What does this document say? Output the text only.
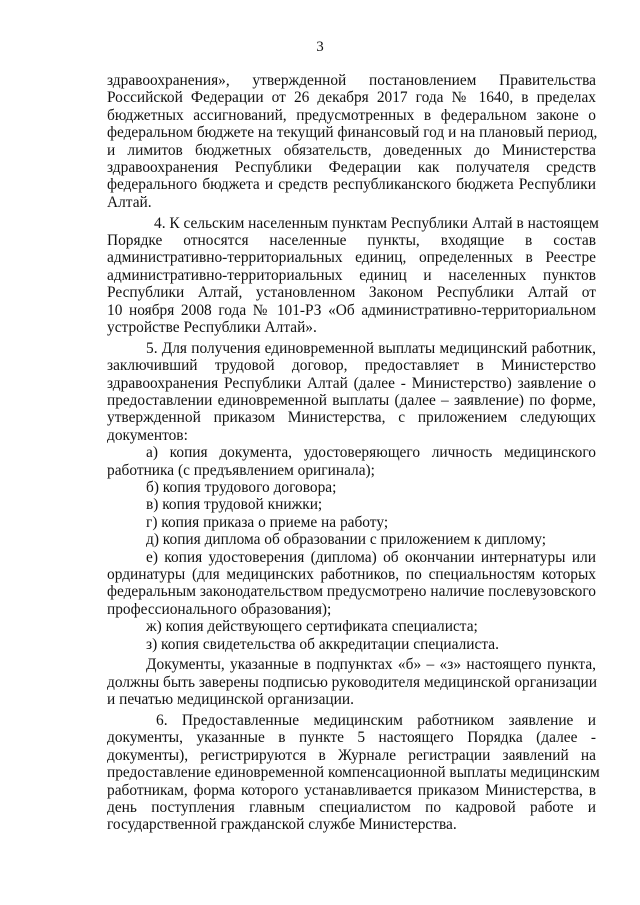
3
здравоохранения», утвержденной постановлением Правительства
Российской Федерации от 26 декабря 2017 года № 1640, в пределах
бюджетных ассигнований, предусмотренных в федеральном законе о
федеральном бюджете на текущий финансовый год и на плановый период,
и лимитов бюджетных обязательств, доведенных до Министерства
здравоохранения Республики Федерации как получателя средств
федерального бюджета и средств республиканского бюджета Республики
Алтай.
4. К сельским населенным пунктам Республики Алтай в настоящем
Порядке относятся населенные пункты, входящие в состав
административно-территориальных единиц, определенных в Реестре
административно-территориальных единиц и населенных пунктов
Республики Алтай, установленном Законом Республики Алтай от
10 ноября 2008 года № 101-РЗ «Об административно-территориальном
устройстве Республики Алтай».
5. Для получения единовременной выплаты медицинский работник,
заключивший трудовой договор, предоставляет в Министерство
здравоохранения Республики Алтай (далее - Министерство) заявление о
предоставлении единовременной выплаты (далее – заявление) по форме,
утвержденной приказом Министерства, с приложением следующих
документов:
а) копия документа, удостоверяющего личность медицинского
работника (с предъявлением оригинала);
б) копия трудового договора;
в) копия трудовой книжки;
г) копия приказа о приеме на работу;
д) копия диплома об образовании с приложением к диплому;
е) копия удостоверения (диплома) об окончании интернатуры или
ординатуры (для медицинских работников, по специальностям которых
федеральным законодательством предусмотрено наличие послевузовского
профессионального образования);
ж) копия действующего сертификата специалиста;
з) копия свидетельства об аккредитации специалиста.
Документы, указанные в подпунктах «б» – «з» настоящего пункта,
должны быть заверены подписью руководителя медицинской организации
и печатью медицинской организации.
6. Предоставленные медицинским работником заявление и
документы, указанные в пункте 5 настоящего Порядка (далее -
документы), регистрируются в Журнале регистрации заявлений на
предоставление единовременной компенсационной выплаты медицинским
работникам, форма которого устанавливается приказом Министерства, в
день поступления главным специалистом по кадровой работе и
государственной гражданской службе Министерства.
